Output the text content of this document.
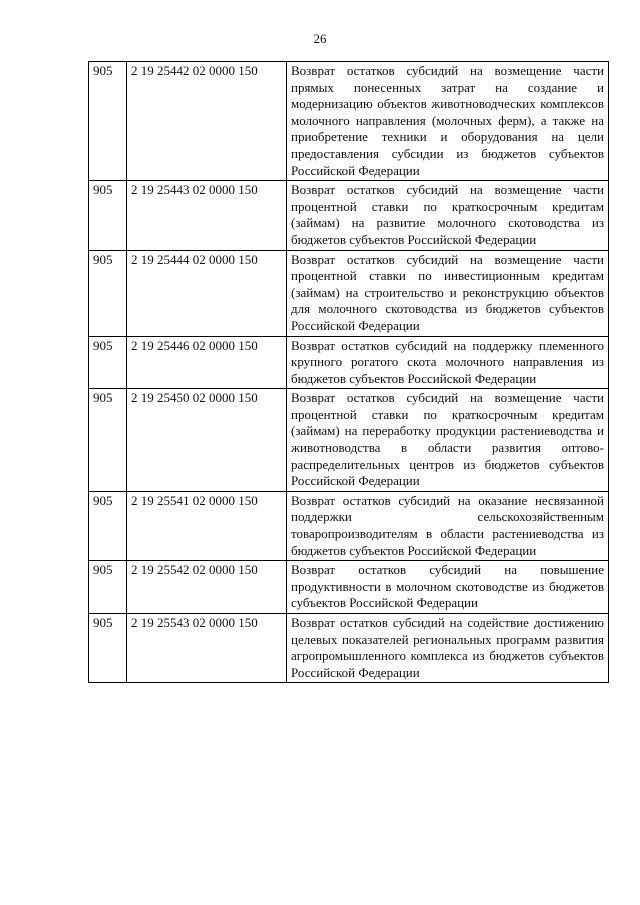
26
905	2 19 25442 02 0000 150	Возврат остатков субсидий на возмещение части прямых понесенных затрат на создание и модернизацию объектов животноводческих комплексов молочного направления (молочных ферм), а также на приобретение техники и оборудования на цели предоставления субсидии из бюджетов субъектов Российской Федерации
905	2 19 25443 02 0000 150	Возврат остатков субсидий на возмещение части процентной ставки по краткосрочным кредитам (займам) на развитие молочного скотоводства из бюджетов субъектов Российской Федерации
905	2 19 25444 02 0000 150	Возврат остатков субсидий на возмещение части процентной ставки по инвестиционным кредитам (займам) на строительство и реконструкцию объектов для молочного скотоводства из бюджетов субъектов Российской Федерации
905	2 19 25446 02 0000 150	Возврат остатков субсидий на поддержку племенного крупного рогатого скота молочного направления из бюджетов субъектов Российской Федерации
905	2 19 25450 02 0000 150	Возврат остатков субсидий на возмещение части процентной ставки по краткосрочным кредитам (займам) на переработку продукции растениеводства и животноводства в области развития оптово-распределительных центров из бюджетов субъектов Российской Федерации
905	2 19 25541 02 0000 150	Возврат остатков субсидий на оказание несвязанной поддержки сельскохозяйственным товаропроизводителям в области растениеводства из бюджетов субъектов Российской Федерации
905	2 19 25542 02 0000 150	Возврат остатков субсидий на повышение продуктивности в молочном скотоводстве из бюджетов субъектов Российской Федерации
905	2 19 25543 02 0000 150	Возврат остатков субсидий на содействие достижению целевых показателей региональных программ развития агропромышленного комплекса из бюджетов субъектов Российской Федерации
